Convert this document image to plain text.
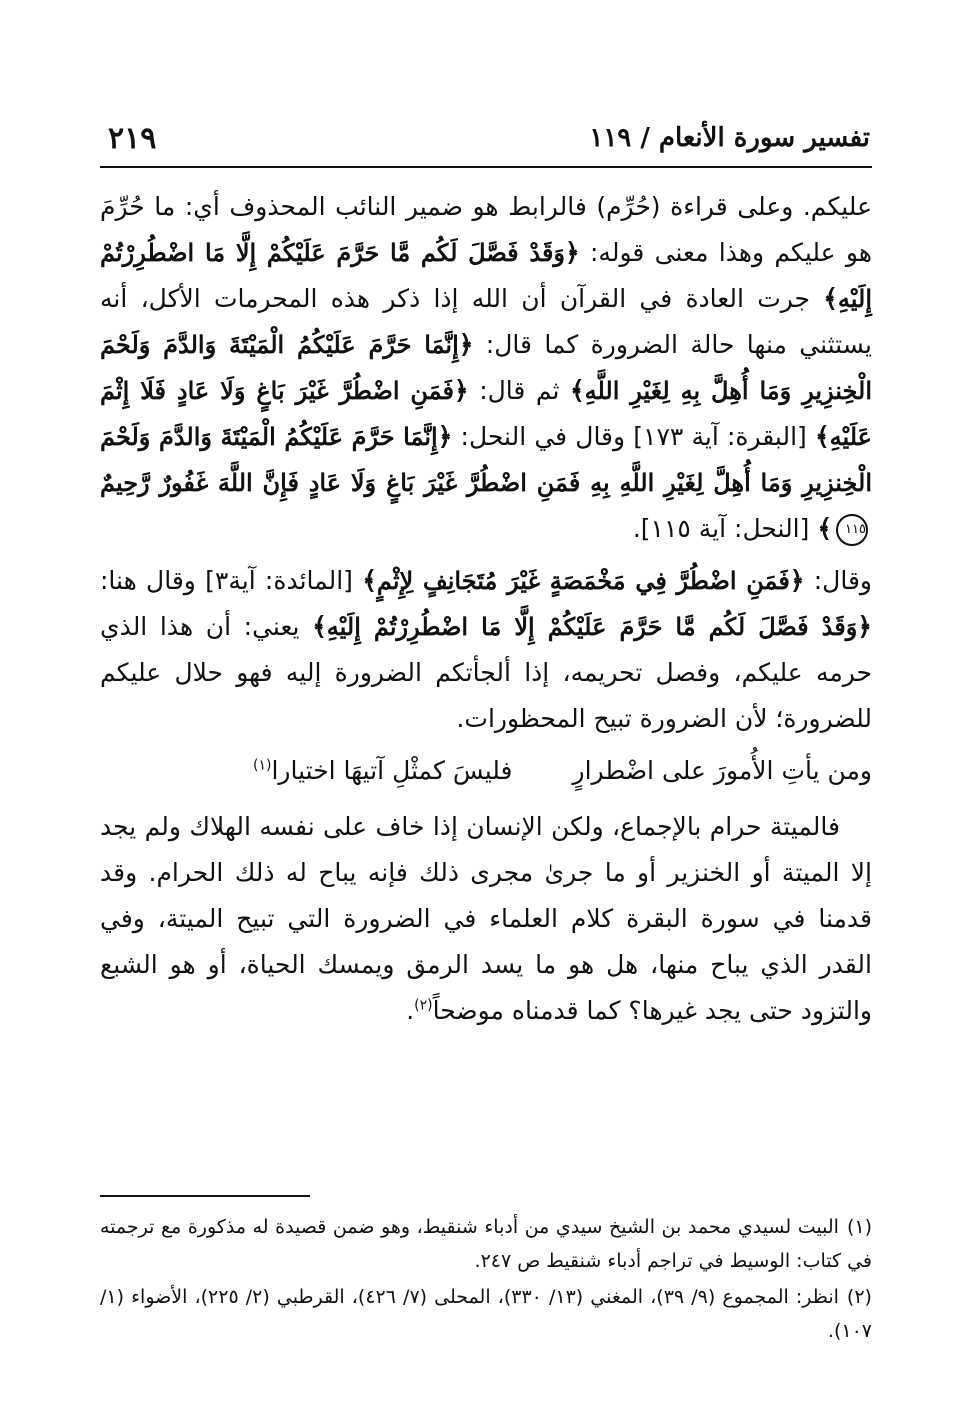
تفسير سورة الأنعام / ١١٩
٢١٩

عليكم. وعلى قراءة (حُرِّم) فالرابط هو ضمير النائب المحذوف أي: ما حُرِّمَ هو عليكم وهذا معنى قوله: ﴿وَقَدْ فَصَّلَ لَكُم مَّا حَرَّمَ عَلَيْكُمْ إِلَّا مَا اضْطُرِرْتُمْ إِلَيْهِ﴾ جرت العادة في القرآن أن الله إذا ذكر هذه المحرمات الأكل، أنه يستثني منها حالة الضرورة كما قال: ﴿إِنَّمَا حَرَّمَ عَلَيْكُمُ الْمَيْتَةَ وَالدَّمَ وَلَحْمَ الْخِنزِيرِ وَمَا أُهِلَّ بِهِ لِغَيْرِ اللَّهِ﴾ ثم قال: ﴿فَمَنِ اضْطُرَّ غَيْرَ بَاغٍ وَلَا عَادٍ فَلَا إِثْمَ عَلَيْهِ﴾ [البقرة: آية ١٧٣] وقال في النحل: ﴿إِنَّمَا حَرَّمَ عَلَيْكُمُ الْمَيْتَةَ وَالدَّمَ وَلَحْمَ الْخِنزِيرِ وَمَا أُهِلَّ لِغَيْرِ اللَّهِ بِهِ فَمَنِ اضْطُرَّ غَيْرَ بَاغٍ وَلَا عَادٍ فَإِنَّ اللَّهَ غَفُورٌ رَّحِيمٌ١١٥﴾ [النحل: آية ١١٥].

وقال: ﴿فَمَنِ اضْطُرَّ فِي مَخْمَصَةٍ غَيْرَ مُتَجَانِفٍ لِإِثْمٍ﴾ [المائدة: آية٣] وقال هنا: ﴿وَقَدْ فَصَّلَ لَكُم مَّا حَرَّمَ عَلَيْكُمْ إِلَّا مَا اضْطُرِرْتُمْ إِلَيْهِ﴾ يعني: أن هذا الذي حرمه عليكم، وفصل تحريمه، إذا ألجأتكم الضرورة إليه فهو حلال عليكم للضرورة؛ لأن الضرورة تبيح المحظورات.

ومن يأتِ الأُمورَ على اضْطرارٍ
فليسَ كمثْلِ آتيهَا اختيارا$^{(١)}$

فالميتة حرام بالإجماع، ولكن الإنسان إذا خاف على نفسه الهلاك ولم يجد إلا الميتة أو الخنزير أو ما جرىٰ مجرى ذلك فإنه يباح له ذلك الحرام. وقد قدمنا في سورة البقرة كلام العلماء في الضرورة التي تبيح الميتة، وفي القدر الذي يباح منها، هل هو ما يسد الرمق ويمسك الحياة، أو هو الشبع والتزود حتى يجد غيرها؟ كما قدمناه موضحاً$^{(٢)}$.

(١)البيت لسيدي محمد بن الشيخ سيدي من أدباء شنقيط، وهو ضمن قصيدة له مذكورة مع ترجمته في كتاب: الوسيط في تراجم أدباء شنقيط ص ٢٤٧.

(٢)انظر: المجموع (٩/ ٣٩)، المغني (١٣/ ٣٣٠)، المحلى (٧/ ٤٢٦)، القرطبي (٢/ ٢٢٥)، الأضواء (١/ ١٠٧).
